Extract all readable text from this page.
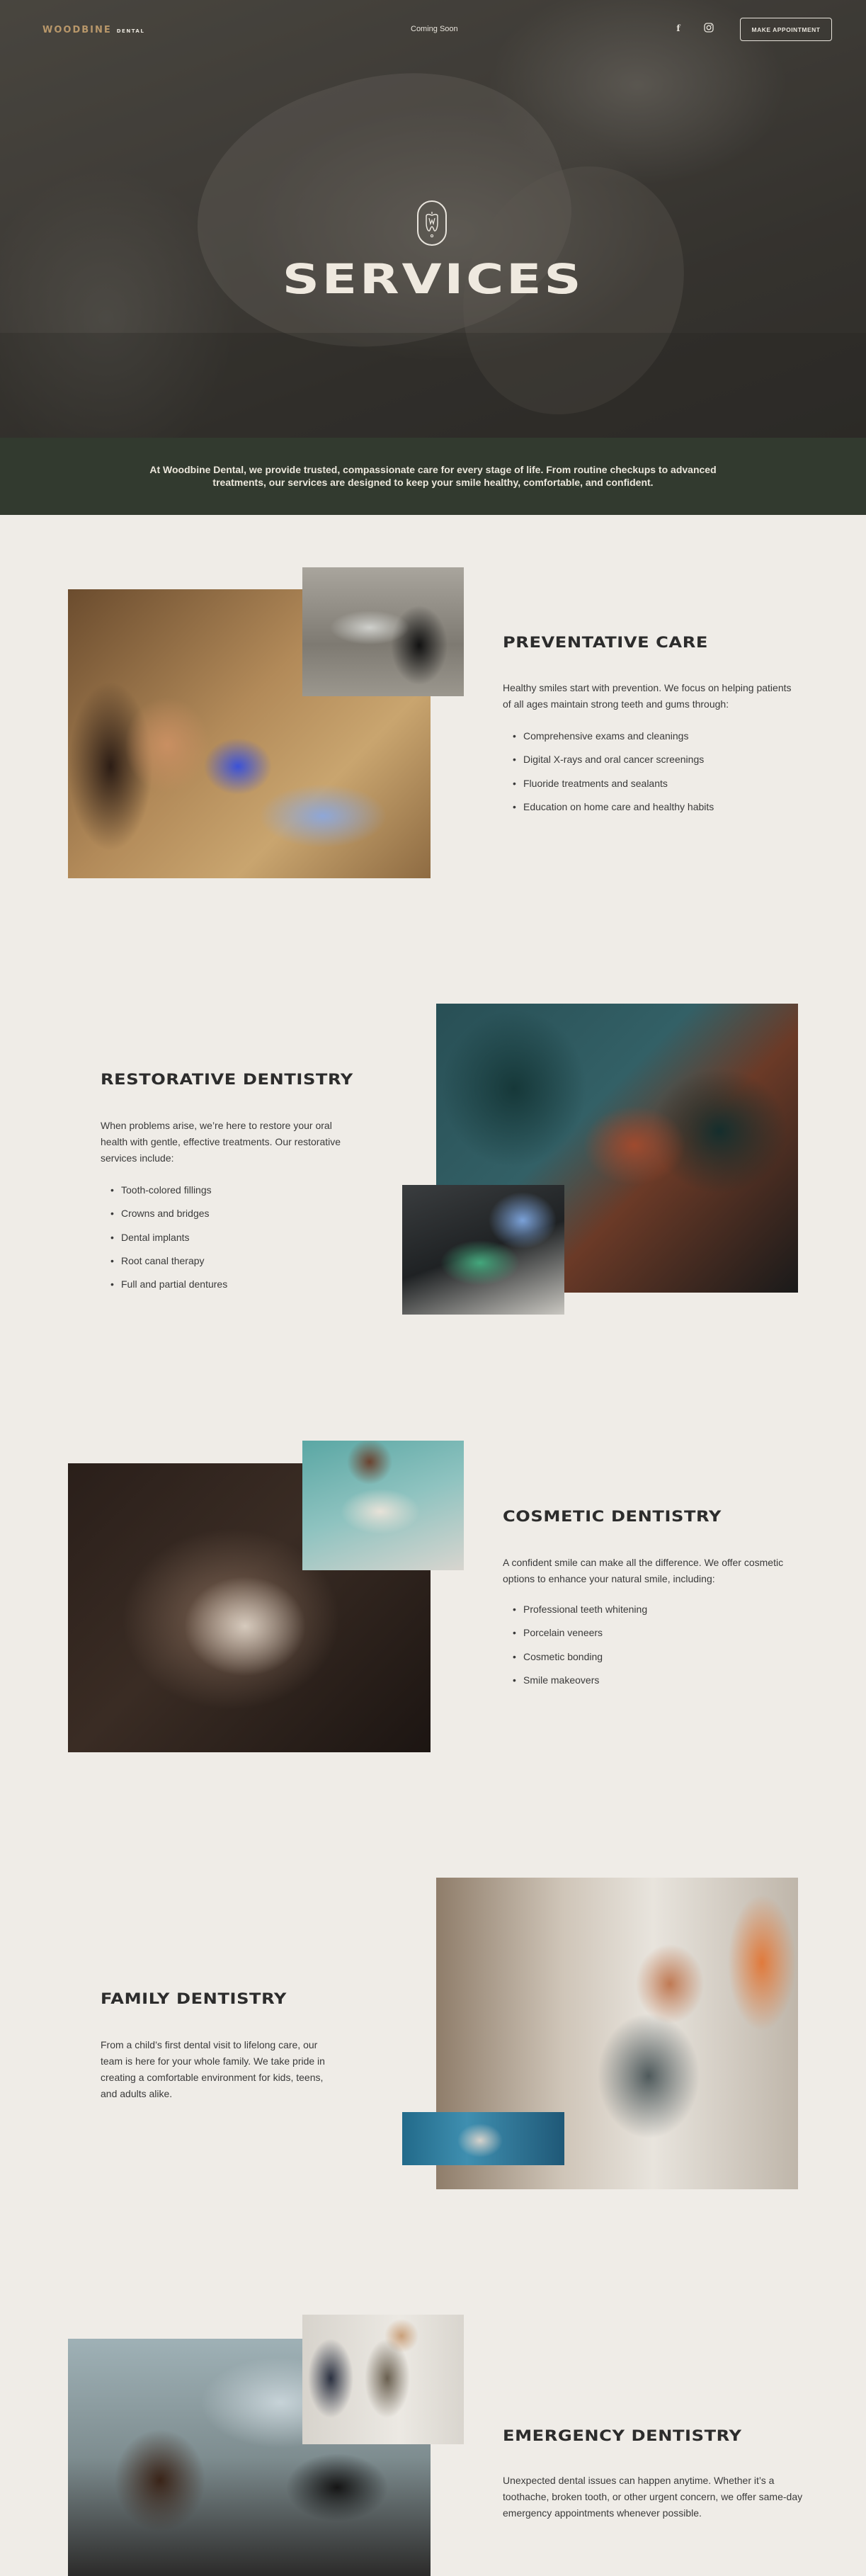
WOODBINE DENTAL	Coming Soon	f	MAKE APPOINTMENT
SERVICES

At Woodbine Dental, we provide trusted, compassionate care for every stage of life. From routine checkups to advanced treatments, our services are designed to keep your smile healthy, comfortable, and confident.

PREVENTATIVE CARE

Healthy smiles start with prevention. We focus on helping patients of all ages maintain strong teeth and gums through:

• Comprehensive exams and cleanings
• Digital X-rays and oral cancer screenings
• Fluoride treatments and sealants
• Education on home care and healthy habits
RESTORATIVE DENTISTRY

When problems arise, we’re here to restore your oral health with gentle, effective treatments. Our restorative services include:

• Tooth-colored fillings
• Crowns and bridges
• Dental implants
• Root canal therapy
• Full and partial dentures
COSMETIC DENTISTRY

A confident smile can make all the difference. We offer cosmetic options to enhance your natural smile, including:

• Professional teeth whitening
• Porcelain veneers
• Cosmetic bonding
• Smile makeovers
FAMILY DENTISTRY

From a child’s first dental visit to lifelong care, our team is here for your whole family. We take pride in creating a comfortable environment for kids, teens, and adults alike.

EMERGENCY DENTISTRY

Unexpected dental issues can happen anytime. Whether it’s a toothache, broken tooth, or other urgent concern, we offer same-day emergency appointments whenever possible.
